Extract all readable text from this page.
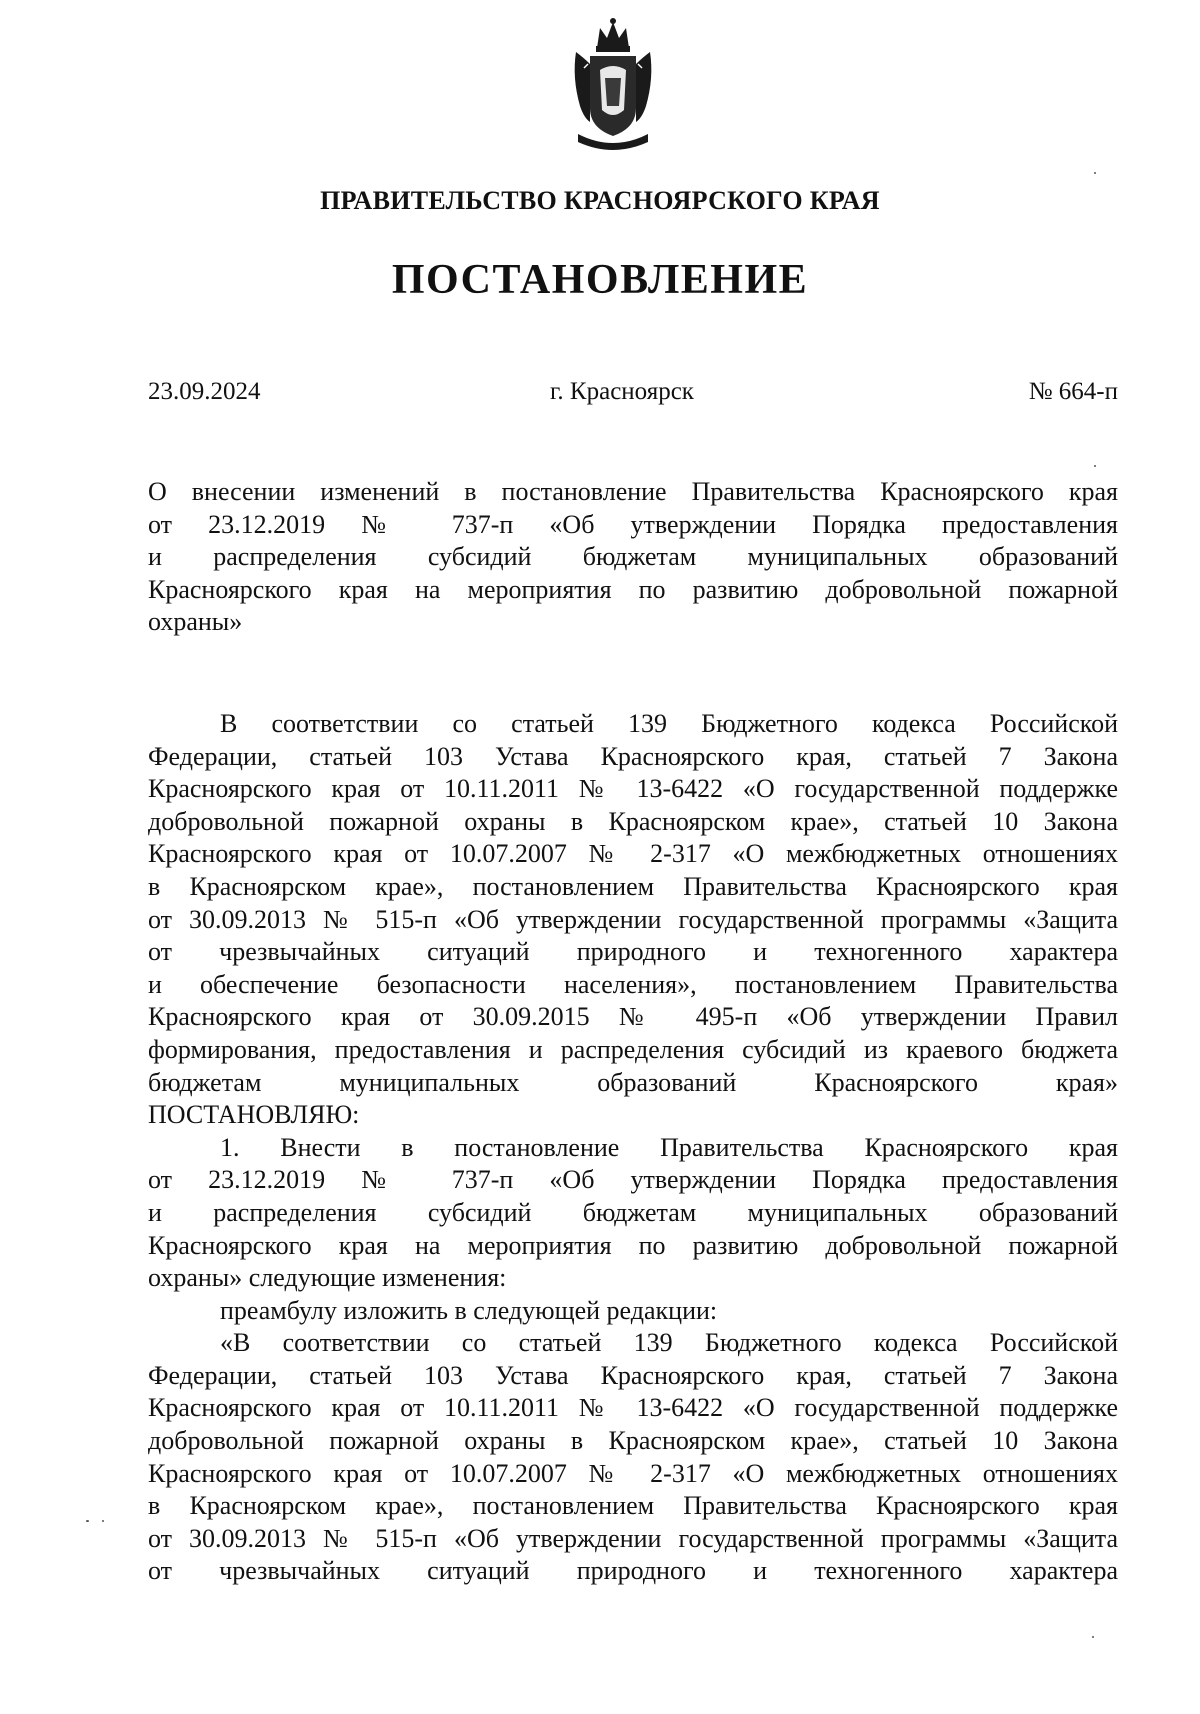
ПРАВИТЕЛЬСТВО КРАСНОЯРСКОГО КРАЯ
ПОСТАНОВЛЕНИЕ
23.09.2024	г. Красноярск	№ 664-п
О внесении изменений в постановление Правительства Красноярского края
от 23.12.2019 № 737-п «Об утверждении Порядка предоставления
и распределения субсидий бюджетам муниципальных образований
Красноярского края на мероприятия по развитию добровольной пожарной
охраны»
В соответствии со статьей 139 Бюджетного кодекса Российской
Федерации, статьей 103 Устава Красноярского края, статьей 7 Закона
Красноярского края от 10.11.2011 № 13-6422 «О государственной поддержке
добровольной пожарной охраны в Красноярском крае», статьей 10 Закона
Красноярского края от 10.07.2007 № 2-317 «О межбюджетных отношениях
в Красноярском крае», постановлением Правительства Красноярского края
от 30.09.2013 № 515-п «Об утверждении государственной программы «Защита
от чрезвычайных ситуаций природного и техногенного характера
и обеспечение безопасности населения», постановлением Правительства
Красноярского края от 30.09.2015 № 495-п «Об утверждении Правил
формирования, предоставления и распределения субсидий из краевого бюджета
бюджетам муниципальных образований Красноярского края»
ПОСТАНОВЛЯЮ:
1. Внести в постановление Правительства Красноярского края
от 23.12.2019 № 737-п «Об утверждении Порядка предоставления
и распределения субсидий бюджетам муниципальных образований
Красноярского края на мероприятия по развитию добровольной пожарной
охраны» следующие изменения:
преамбулу изложить в следующей редакции:
«В соответствии со статьей 139 Бюджетного кодекса Российской
Федерации, статьей 103 Устава Красноярского края, статьей 7 Закона
Красноярского края от 10.11.2011 № 13-6422 «О государственной поддержке
добровольной пожарной охраны в Красноярском крае», статьей 10 Закона
Красноярского края от 10.07.2007 № 2-317 «О межбюджетных отношениях
в Красноярском крае», постановлением Правительства Красноярского края
от 30.09.2013 № 515-п «Об утверждении государственной программы «Защита
от чрезвычайных ситуаций природного и техногенного характера
